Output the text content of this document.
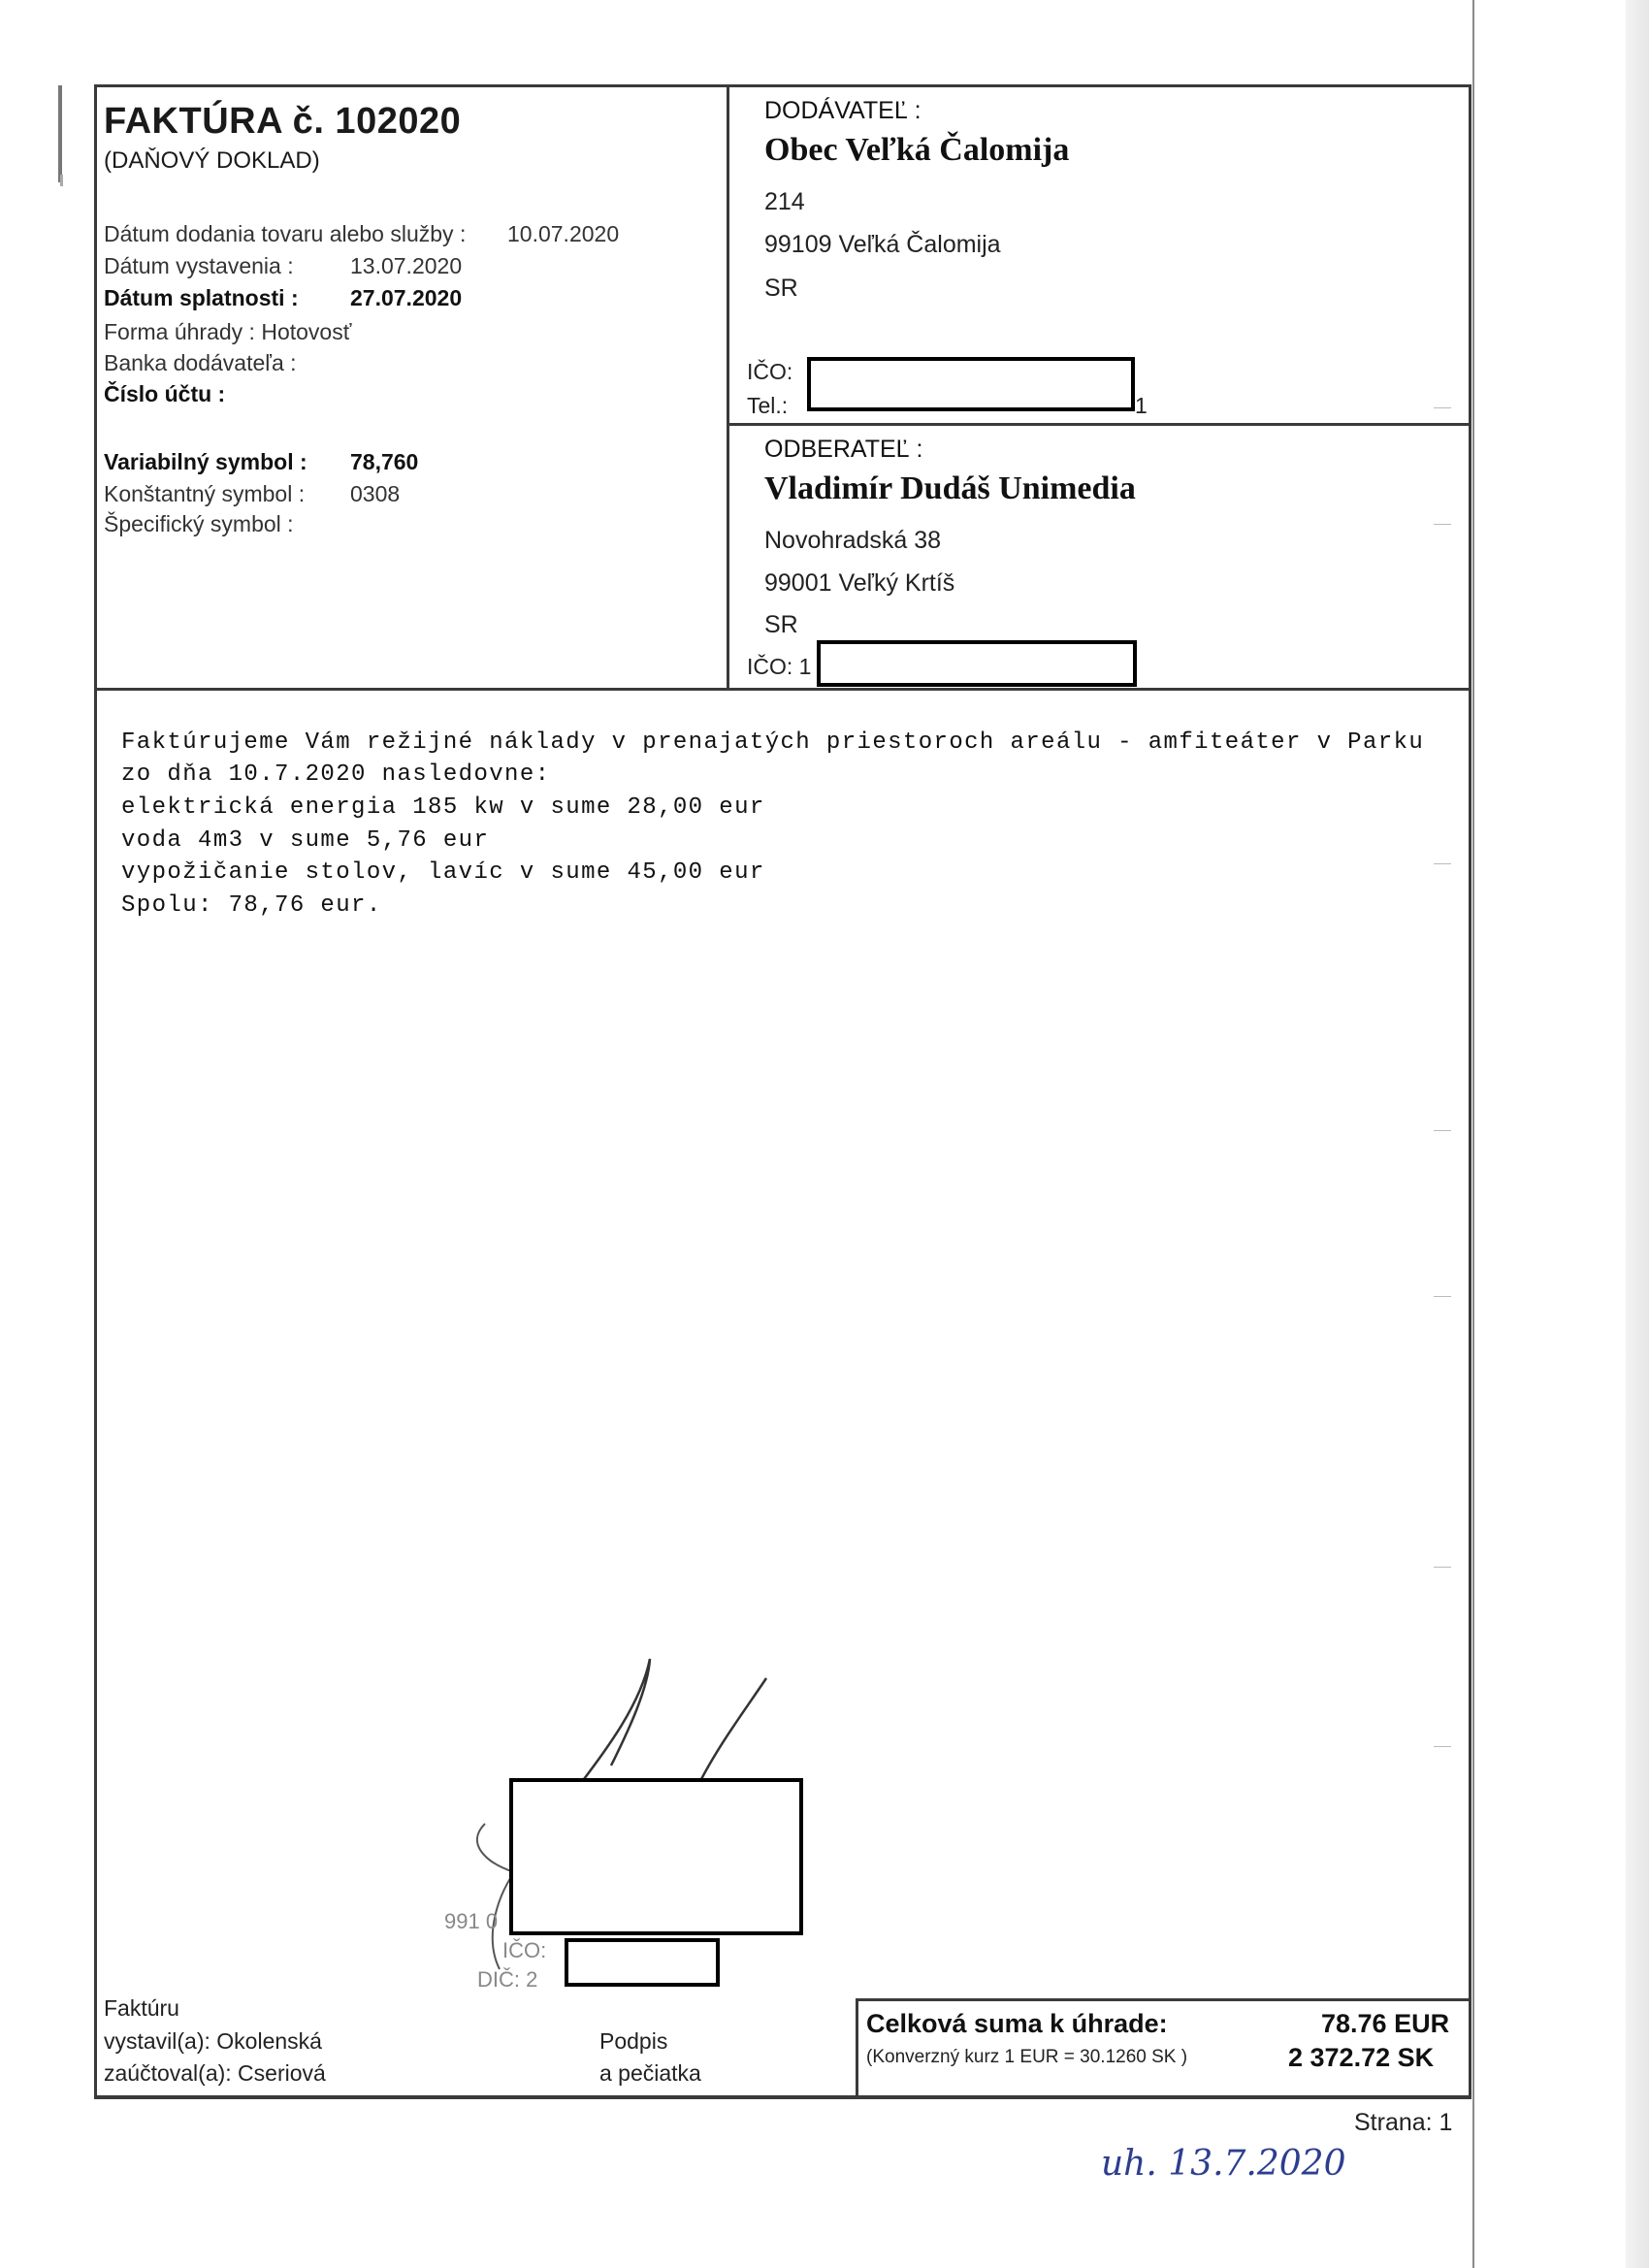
FAKTÚRA č. 102020
(DAŇOVÝ DOKLAD)
Dátum dodania tovaru alebo služby : 10.07.2020
Dátum vystavenia :	13.07.2020
Dátum splatnosti : 27.07.2020
Forma úhrady : Hotovosť
Banka dodávateľa :
Číslo účtu :
Variabilný symbol : 78,760
Konštantný symbol : 0308
Špecifický symbol :
DODÁVATEĽ :
Obec Veľká Čalomija
214
99109 Veľká Čalomija
SR
IČO:
Tel.:	1
ODBERATEĽ :
Vladimír Dudáš Unimedia
Novohradská 38
99001 Veľký Krtíš
SR
IČO: 1
Faktúrujeme Vám režijné náklady v prenajatých priestoroch areálu - amfiteáter v Parku
zo dňa 10.7.2020 nasledovne:
elektrická energia 185 kw v sume 28,00 eur
voda 4m3 v sume 5,76 eur
vypožičanie stolov, lavíc v sume 45,00 eur
Spolu: 78,76 eur.
991 0
IČO:
DIČ: 2
Faktúru
vystavil(a): Okolenská
zaúčtoval(a): Cseriová
Podpis
a pečiatka
Celková suma k úhrade:
(Konverzný kurz 1 EUR = 30.1260 SK )
78.76 EUR
2 372.72 SK
Strana: 1
uh. 13.7.2020
